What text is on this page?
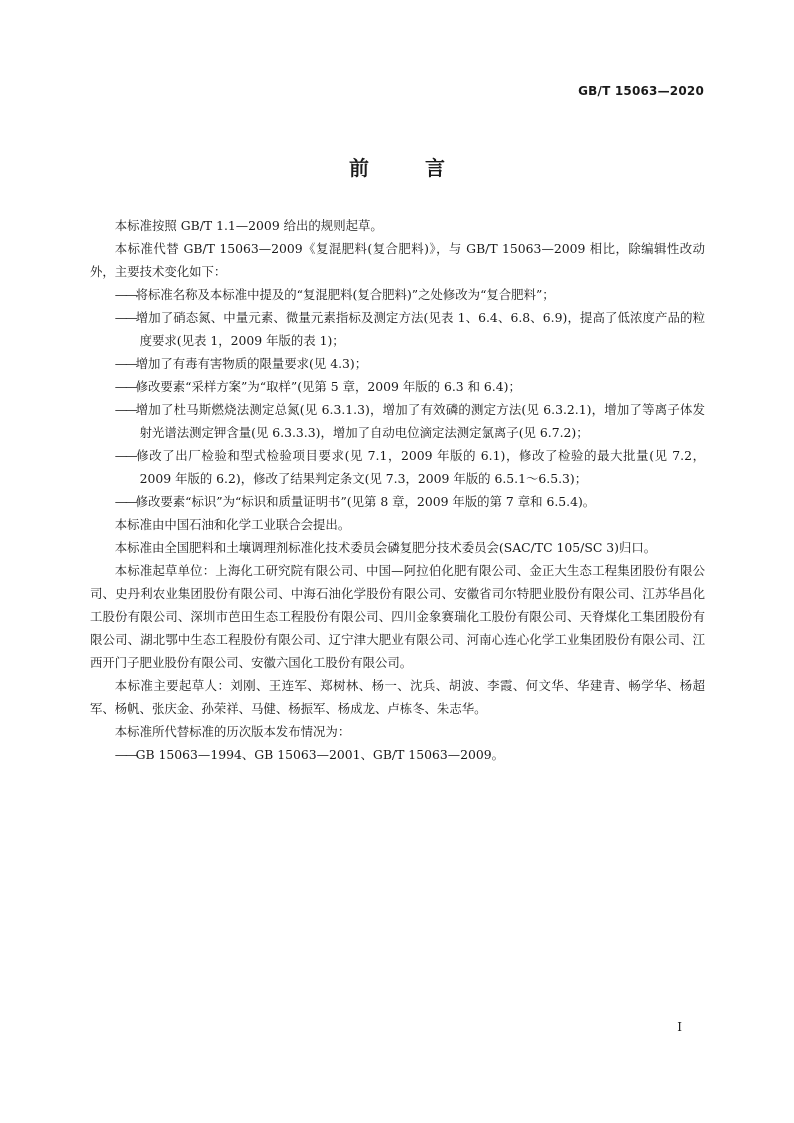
GB/T 15063—2020
前	言

本标准按照 GB/T 1.1—2009 给出的规则起草。

本标准代替 GB/T 15063—2009《复混肥料(复合肥料)》，与 GB/T 15063—2009 相比，除编辑性改动外，主要技术变化如下：

——将标准名称及本标准中提及的“复混肥料(复合肥料)”之处修改为“复合肥料”；

——增加了硝态氮、中量元素、微量元素指标及测定方法(见表 1、6.4、6.8、6.9)，提高了低浓度产品的粒度要求(见表 1，2009 年版的表 1)；

——增加了有毒有害物质的限量要求(见 4.3)；

——修改要素“采样方案”为“取样”(见第 5 章，2009 年版的 6.3 和 6.4)；

——增加了杜马斯燃烧法测定总氮(见 6.3.1.3)，增加了有效磷的测定方法(见 6.3.2.1)，增加了等离子体发射光谱法测定钾含量(见 6.3.3.3)，增加了自动电位滴定法测定氯离子(见 6.7.2)；

——修改了出厂检验和型式检验项目要求(见 7.1，2009 年版的 6.1)，修改了检验的最大批量(见 7.2，2009 年版的 6.2)，修改了结果判定条文(见 7.3，2009 年版的 6.5.1～6.5.3)；

——修改要素“标识”为“标识和质量证明书”(见第 8 章，2009 年版的第 7 章和 6.5.4)。

本标准由中国石油和化学工业联合会提出。

本标准由全国肥料和土壤调理剂标准化技术委员会磷复肥分技术委员会(SAC/TC 105/SC 3)归口。

本标准起草单位：上海化工研究院有限公司、中国—阿拉伯化肥有限公司、金正大生态工程集团股份有限公司、史丹利农业集团股份有限公司、中海石油化学股份有限公司、安徽省司尔特肥业股份有限公司、江苏华昌化工股份有限公司、深圳市芭田生态工程股份有限公司、四川金象赛瑞化工股份有限公司、天脊煤化工集团股份有限公司、湖北鄂中生态工程股份有限公司、辽宁津大肥业有限公司、河南心连心化学工业集团股份有限公司、江西开门子肥业股份有限公司、安徽六国化工股份有限公司。

本标准主要起草人：刘刚、王连军、郑树林、杨一、沈兵、胡波、李霞、何文华、华建青、畅学华、杨超军、杨帆、张庆金、孙荣祥、马健、杨振军、杨成龙、卢栋冬、朱志华。

本标准所代替标准的历次版本发布情况为：

——GB 15063—1994、GB 15063—2001、GB/T 15063—2009。

I
